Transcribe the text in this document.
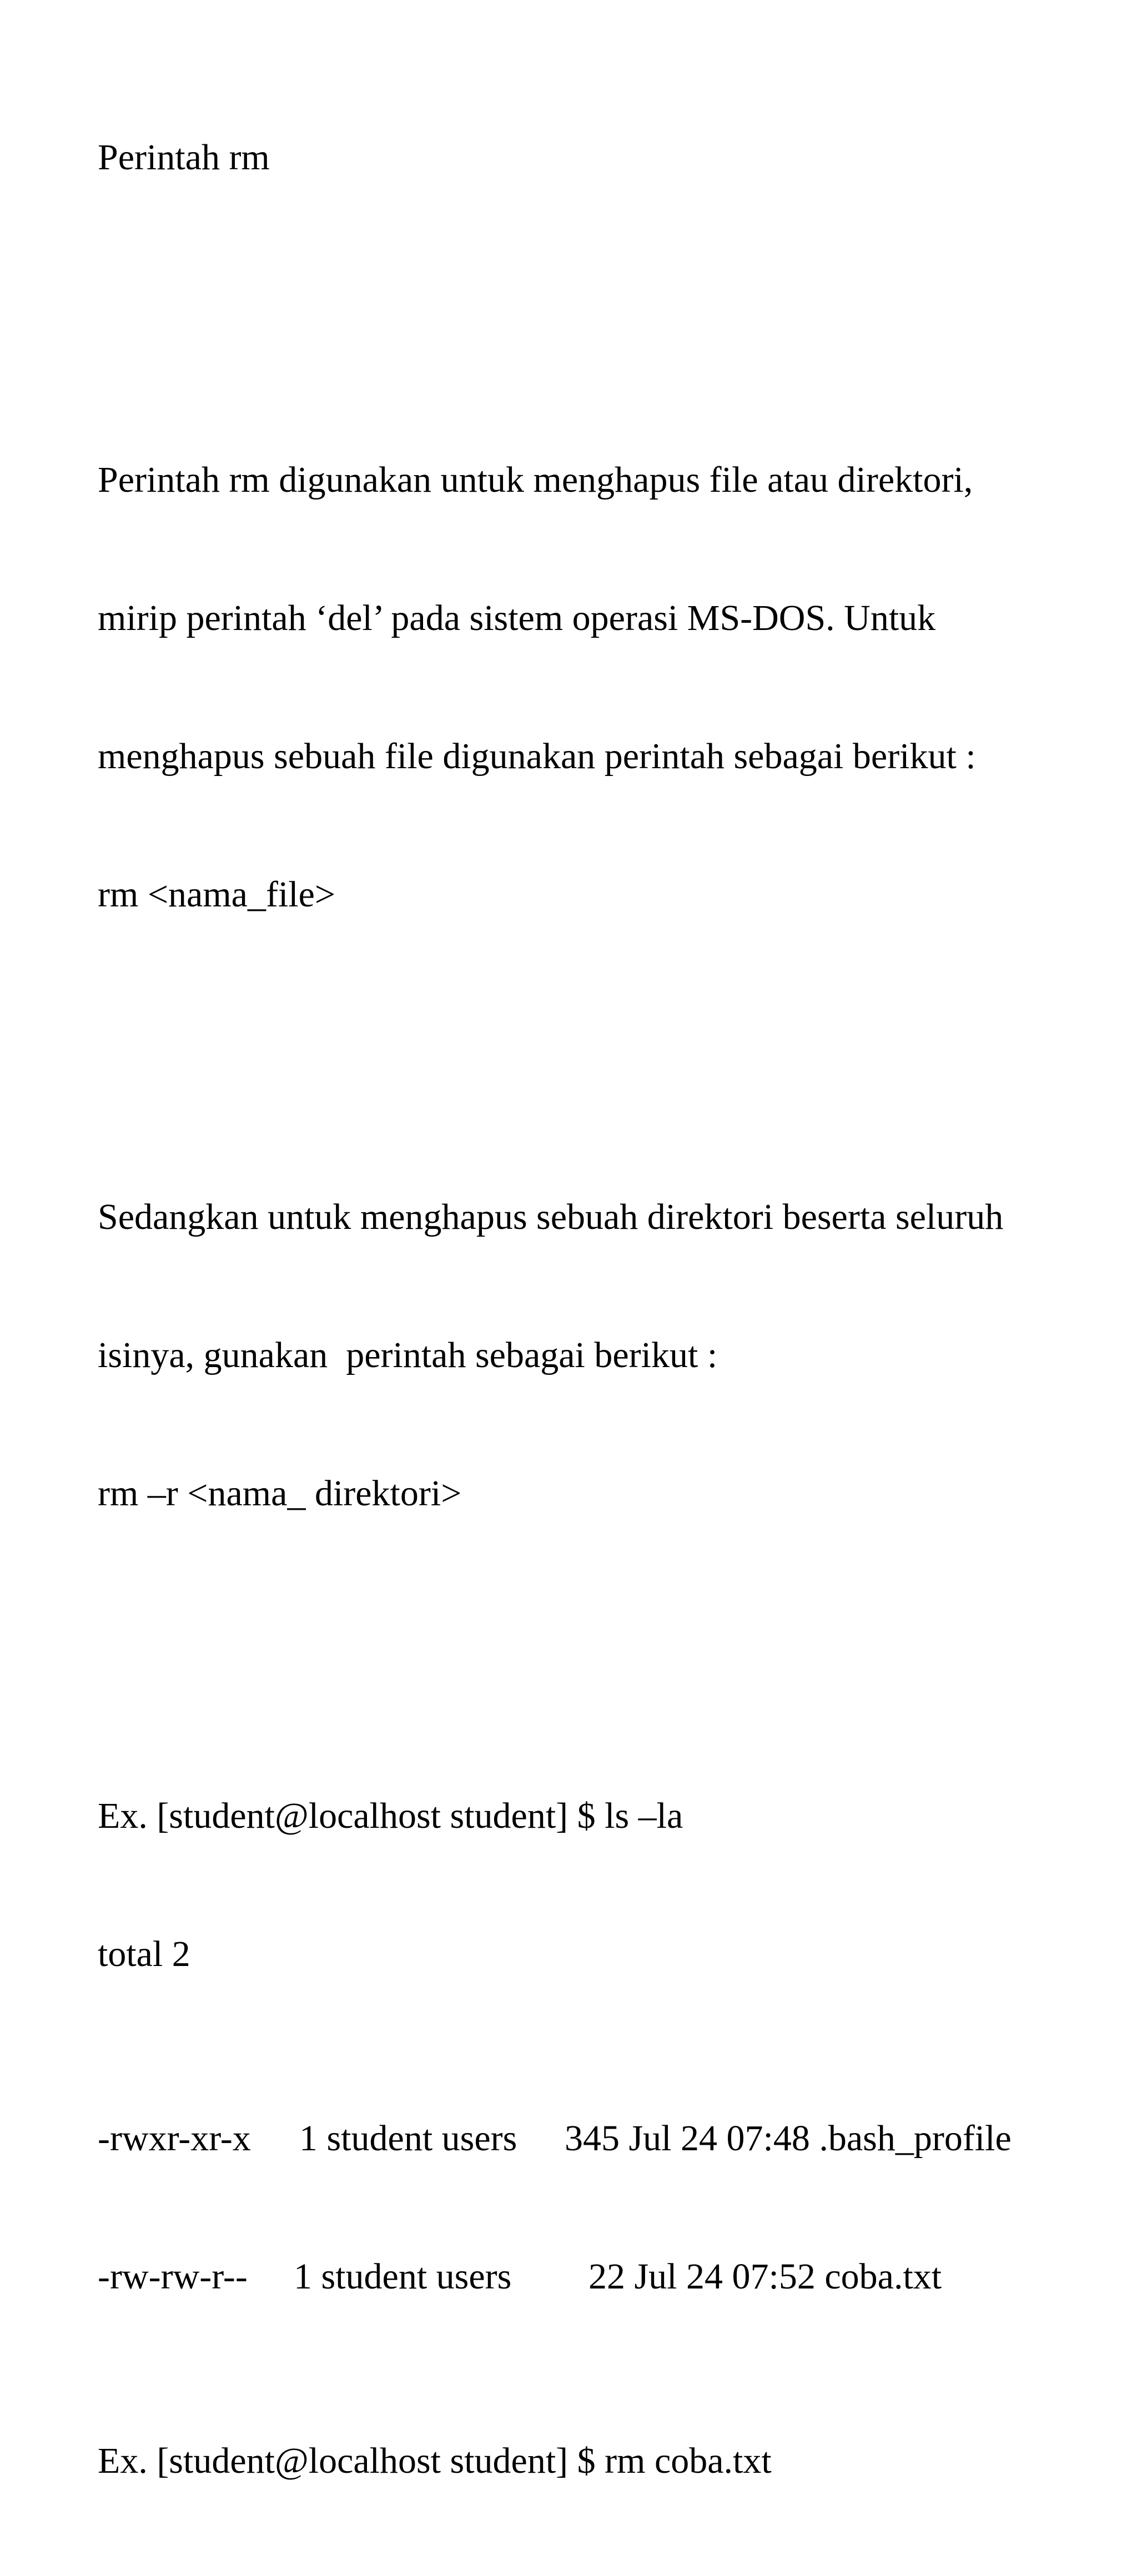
Perintah rm

Perintah rm digunakan untuk menghapus file atau direktori,

mirip perintah ‘del’ pada sistem operasi MS-DOS. Untuk

menghapus sebuah file digunakan perintah sebagai berikut :

rm <nama_file>

Sedangkan untuk menghapus sebuah direktori beserta seluruh

isinya, gunakan  perintah sebagai berikut :

rm –r <nama_ direktori>

Ex. [student@localhost student] $ ls –la

total 2

-rwxr-xr-x

1 student users

345 Jul 24 07:48 .bash_profile

-rw-rw-r--

1 student users

22 Jul 24 07:52 coba.txt

Ex. [student@localhost student] $ rm coba.txt
